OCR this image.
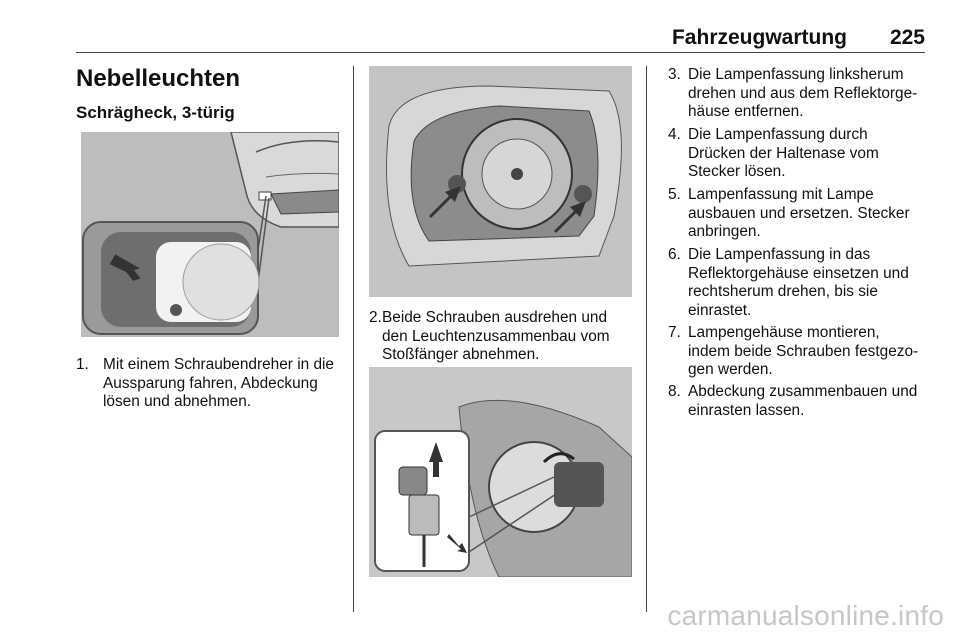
Fahrzeugwartung 225
Nebelleuchten
Schrägheck, 3-türig
1. Mit einem Schraubendreher in die
Aussparung fahren, Abdeckung
lösen und abnehmen.
2. Beide Schrauben ausdrehen und
den Leuchtenzusammenbau vom
Stoßfänger abnehmen.
3. Die Lampenfassung linksherum
drehen und aus dem Reflektorge-
häuse entfernen.
4. Die Lampenfassung durch
Drücken der Haltenase vom
Stecker lösen.
5. Lampenfassung mit Lampe
ausbauen und ersetzen. Stecker
anbringen.
6. Die Lampenfassung in das
Reflektorgehäuse einsetzen und
rechtsherum drehen, bis sie
einrastet.
7. Lampengehäuse montieren,
indem beide Schrauben festgezo-
gen werden.
8. Abdeckung zusammenbauen und
einrasten lassen.
carmanualsonline.info
